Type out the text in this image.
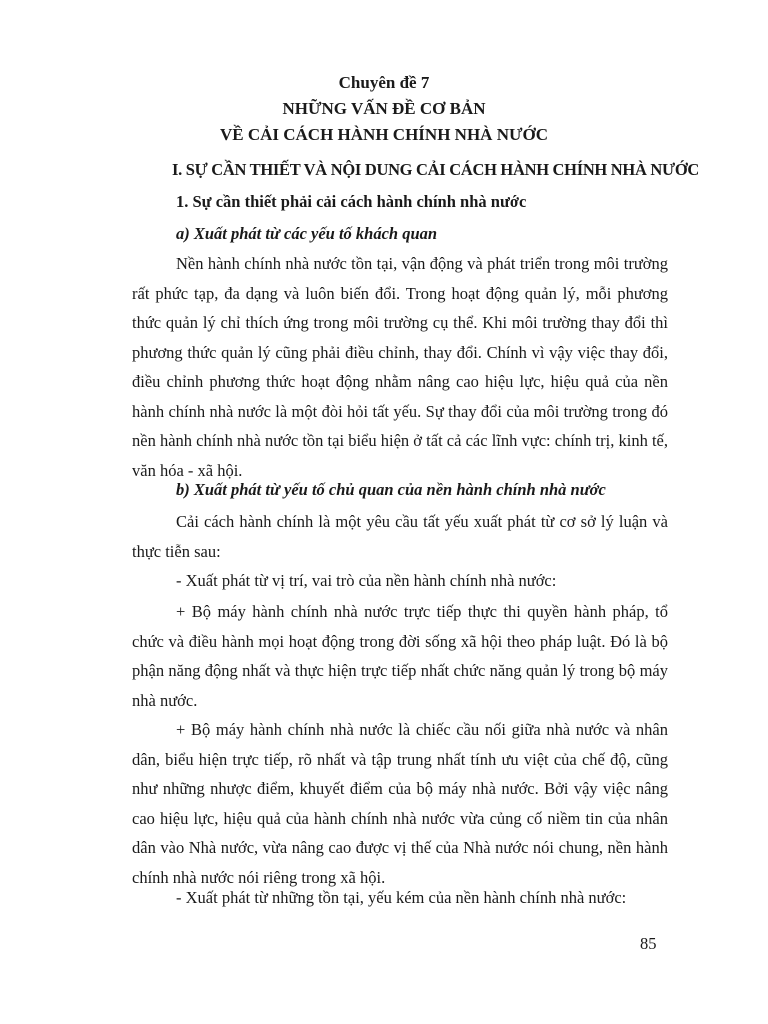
Chuyên đề 7
NHỮNG VẤN ĐỀ CƠ BẢN
VỀ CẢI CÁCH HÀNH CHÍNH NHÀ NƯỚC
I. SỰ CẦN THIẾT VÀ NỘI DUNG CẢI CÁCH HÀNH CHÍNH NHÀ NƯỚC
1. Sự cần thiết phải cải cách hành chính nhà nước
a) Xuất phát từ các yếu tố khách quan

Nền hành chính nhà nước tồn tại, vận động và phát triển trong môi trường rất phức tạp, đa dạng và luôn biến đổi. Trong hoạt động quản lý, mỗi phương thức quản lý chỉ thích ứng trong môi trường cụ thể. Khi môi trường thay đổi thì phương thức quản lý cũng phải điều chỉnh, thay đổi. Chính vì vậy việc thay đổi, điều chỉnh phương thức hoạt động nhằm nâng cao hiệu lực, hiệu quả của nền hành chính nhà nước là một đòi hỏi tất yếu. Sự thay đổi của môi trường trong đó nền hành chính nhà nước tồn tại biểu hiện ở tất cả các lĩnh vực: chính trị, kinh tế, văn hóa - xã hội.

b) Xuất phát từ yếu tố chủ quan của nền hành chính nhà nước

Cải cách hành chính là một yêu cầu tất yếu xuất phát từ cơ sở lý luận và thực tiễn sau:

- Xuất phát từ vị trí, vai trò của nền hành chính nhà nước:

+ Bộ máy hành chính nhà nước trực tiếp thực thi quyền hành pháp, tổ chức và điều hành mọi hoạt động trong đời sống xã hội theo pháp luật. Đó là bộ phận năng động nhất và thực hiện trực tiếp nhất chức năng quản lý trong bộ máy nhà nước.

+ Bộ máy hành chính nhà nước là chiếc cầu nối giữa nhà nước và nhân dân, biểu hiện trực tiếp, rõ nhất và tập trung nhất tính ưu việt của chế độ, cũng như những nhược điểm, khuyết điểm của bộ máy nhà nước. Bởi vậy việc nâng cao hiệu lực, hiệu quả của hành chính nhà nước vừa củng cố niềm tin của nhân dân vào Nhà nước, vừa nâng cao được vị thế của Nhà nước nói chung, nền hành chính nhà nước nói riêng trong xã hội.

- Xuất phát từ những tồn tại, yếu kém của nền hành chính nhà nước:

85
